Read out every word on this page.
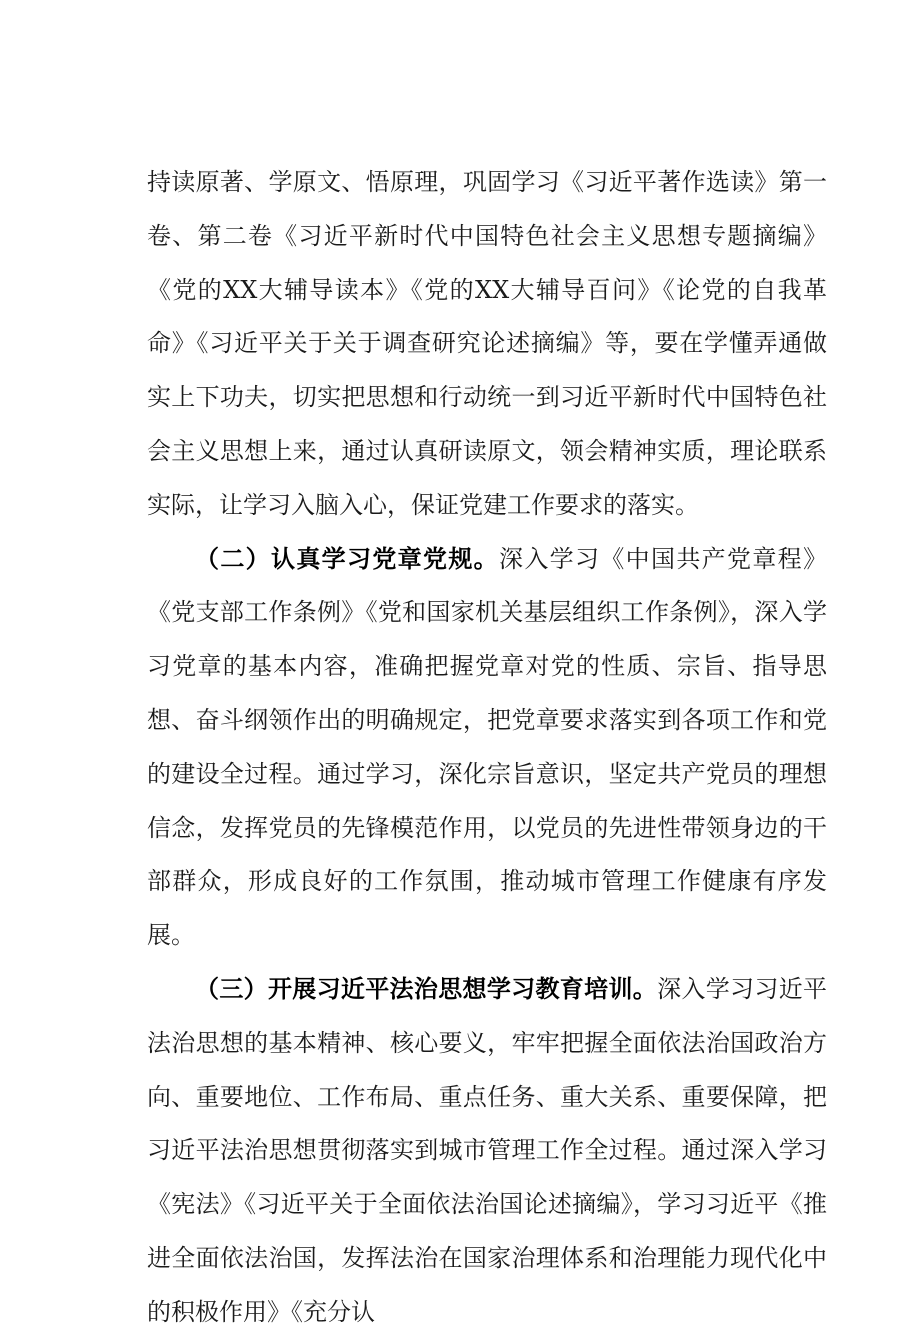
持读原著、学原文、悟原理，巩固学习《习近平著作选读》第一卷、第二卷《习近平新时代中国特色社会主义思想专题摘编》《党的XX大辅导读本》《党的XX大辅导百问》《论党的自我革命》《习近平关于关于调查研究论述摘编》等，要在学懂弄通做实上下功夫，切实把思想和行动统一到习近平新时代中国特色社会主义思想上来，通过认真研读原文，领会精神实质，理论联系实际，让学习入脑入心，保证党建工作要求的落实。

（二）认真学习党章党规。深入学习《中国共产党章程》《党支部工作条例》《党和国家机关基层组织工作条例》，深入学习党章的基本内容，准确把握党章对党的性质、宗旨、指导思想、奋斗纲领作出的明确规定，把党章要求落实到各项工作和党的建设全过程。通过学习，深化宗旨意识，坚定共产党员的理想信念，发挥党员的先锋模范作用，以党员的先进性带领身边的干部群众，形成良好的工作氛围，推动城市管理工作健康有序发展。

（三）开展习近平法治思想学习教育培训。深入学习习近平法治思想的基本精神、核心要义，牢牢把握全面依法治国政治方向、重要地位、工作布局、重点任务、重大关系、重要保障，把习近平法治思想贯彻落实到城市管理工作全过程。通过深入学习《宪法》《习近平关于全面依法治国论述摘编》，学习习近平《推进全面依法治国，发挥法治在国家治理体系和治理能力现代化中的积极作用》《充分认
